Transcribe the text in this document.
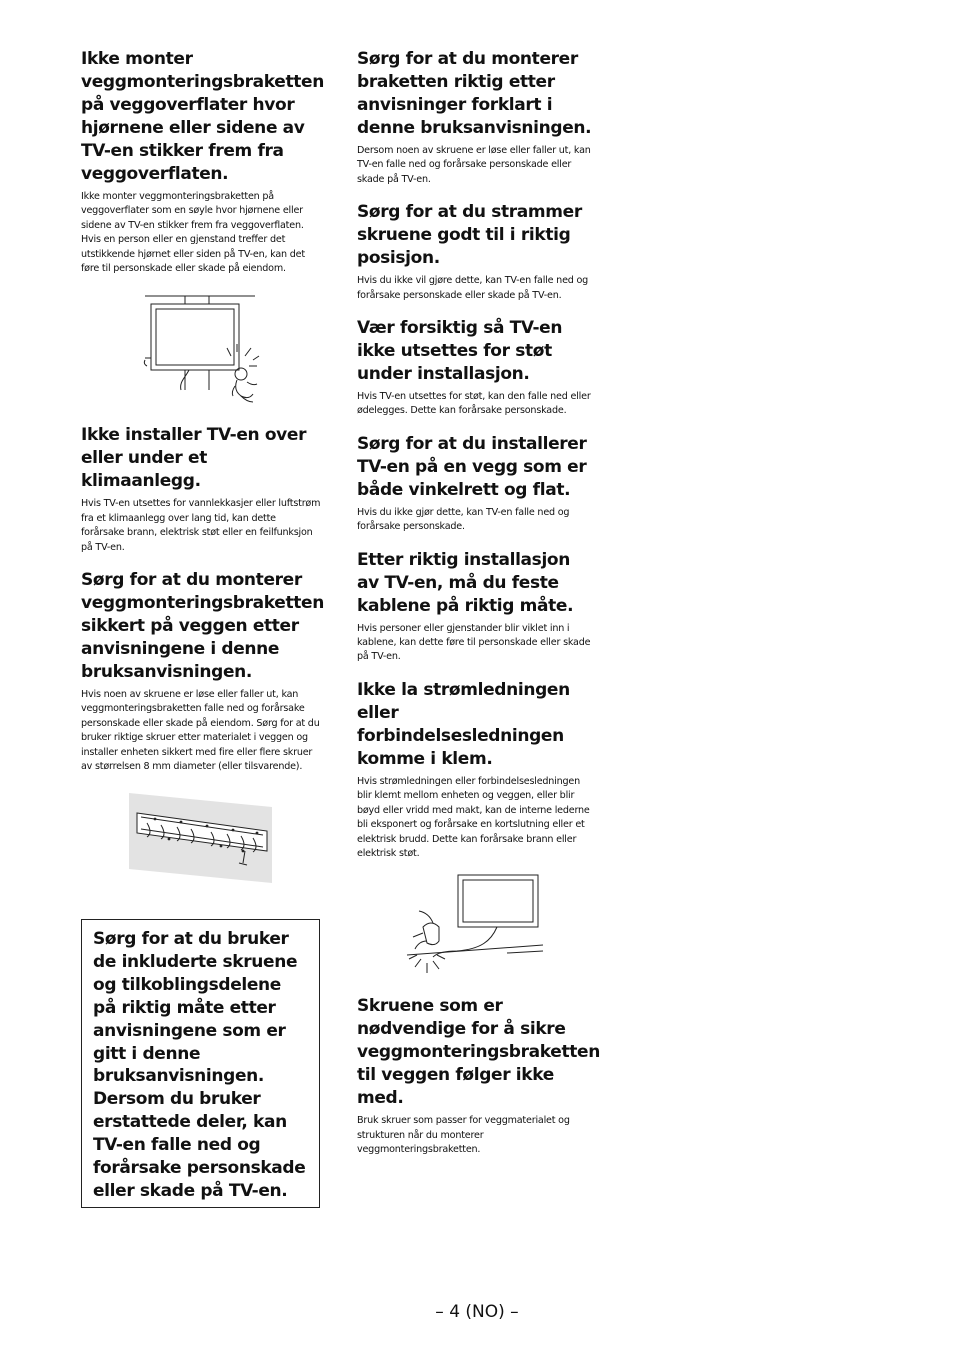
Ikke monter veggmonteringsbraketten på veggoverflater hvor hjørnene eller sidene av TV-en stikker frem fra veggoverflaten.

Ikke monter veggmonteringsbraketten på veggoverflater som en søyle hvor hjørnene eller sidene av TV-en stikker frem fra veggoverflaten. Hvis en person eller en gjenstand treffer det utstikkende hjørnet eller siden på TV-en, kan det føre til personskade eller skade på eiendom.

Ikke installer TV-en over eller under et klimaanlegg.

Hvis TV-en utsettes for vannlekkasjer eller luftstrøm fra et klimaanlegg over lang tid, kan dette forårsake brann, elektrisk støt eller en feilfunksjon på TV-en.

Sørg for at du monterer veggmonteringsbraketten sikkert på veggen etter anvisningene i denne bruksanvisningen.

Hvis noen av skruene er løse eller faller ut, kan veggmonteringsbraketten falle ned og forårsake personskade eller skade på eiendom. Sørg for at du bruker riktige skruer etter materialet i veggen og installer enheten sikkert med fire eller flere skruer av størrelsen 8 mm diameter (eller tilsvarende).

Sørg for at du bruker de inkluderte skruene og tilkoblingsdelene på riktig måte etter anvisningene som er gitt i denne bruksanvisningen. Dersom du bruker erstattede deler, kan TV-en falle ned og forårsake personskade eller skade på TV-en.

Sørg for at du monterer braketten riktig etter anvisninger forklart i denne bruksanvisningen.

Dersom noen av skruene er løse eller faller ut, kan TV-en falle ned og forårsake personskade eller skade på TV-en.

Sørg for at du strammer skruene godt til i riktig posisjon.

Hvis du ikke vil gjøre dette, kan TV-en falle ned og forårsake personskade eller skade på TV-en.

Vær forsiktig så TV-en ikke utsettes for støt under installasjon.

Hvis TV-en utsettes for støt, kan den falle ned eller ødelegges. Dette kan forårsake personskade.

Sørg for at du installerer TV-en på en vegg som er både vinkelrett og flat.

Hvis du ikke gjør dette, kan TV-en falle ned og forårsake personskade.

Etter riktig installasjon av TV-en, må du feste kablene på riktig måte.

Hvis personer eller gjenstander blir viklet inn i kablene, kan dette føre til personskade eller skade på TV-en.

Ikke la strømledningen eller forbindelsesledningen komme i klem.

Hvis strømledningen eller forbindelsesledningen blir klemt mellom enheten og veggen, eller blir bøyd eller vridd med makt, kan de interne lederne bli eksponert og forårsake en kortslutning eller et elektrisk brudd. Dette kan forårsake brann eller elektrisk støt.

Skruene som er nødvendige for å sikre veggmonteringsbraketten til veggen følger ikke med.

Bruk skruer som passer for veggmaterialet og strukturen når du monterer veggmonteringsbraketten.

– 4 (NO) –
